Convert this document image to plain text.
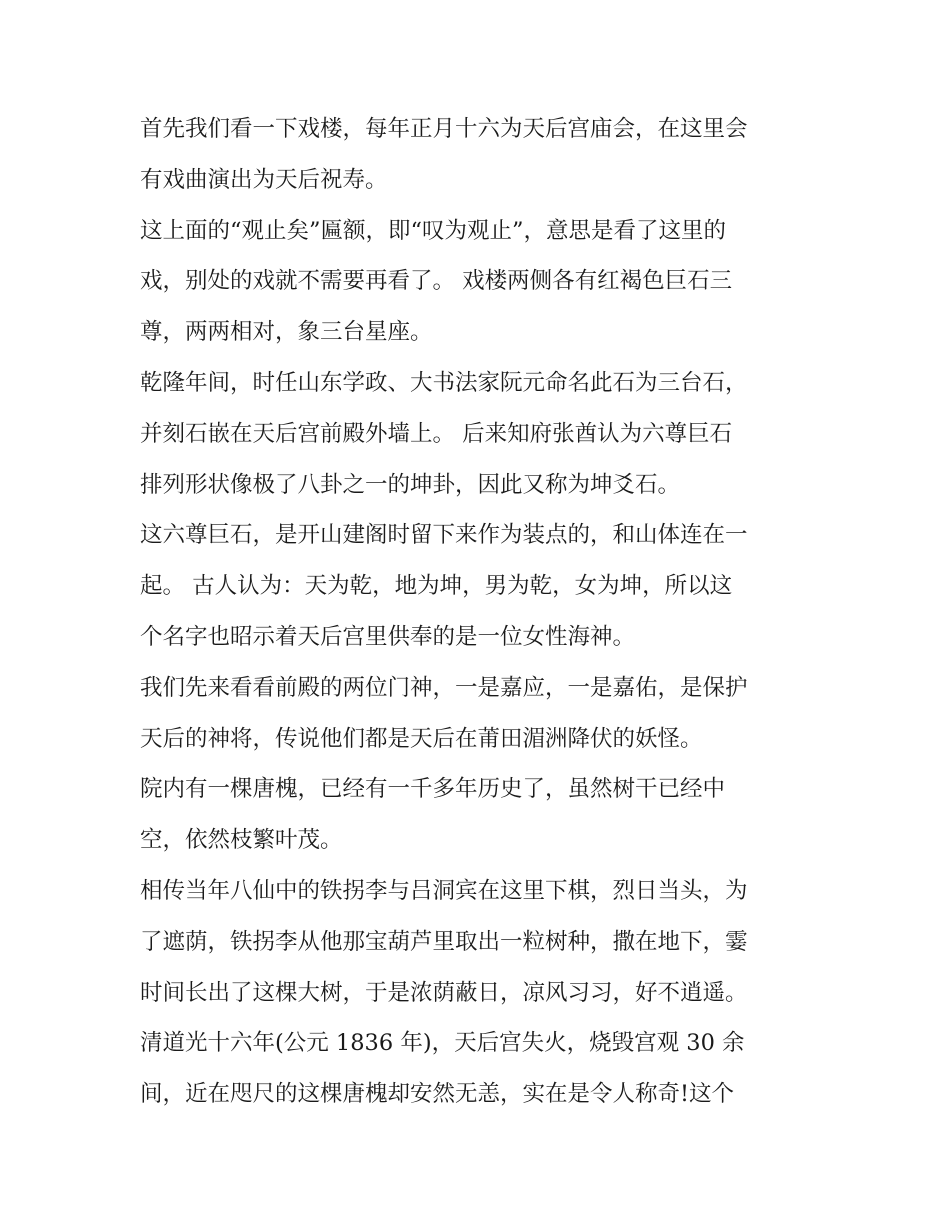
首先我们看一下戏楼，每年正月十六为天后宫庙会，在这里会
有戏曲演出为天后祝寿。
这上面的“观止矣”匾额，即“叹为观止”，意思是看了这里的
戏，别处的戏就不需要再看了。 戏楼两侧各有红褐色巨石三
尊，两两相对，象三台星座。
乾隆年间，时任山东学政、大书法家阮元命名此石为三台石，
并刻石嵌在天后宫前殿外墙上。 后来知府张酋认为六尊巨石
排列形状像极了八卦之一的坤卦，因此又称为坤爻石。
这六尊巨石，是开山建阁时留下来作为装点的，和山体连在一
起。 古人认为：天为乾，地为坤，男为乾，女为坤，所以这
个名字也昭示着天后宫里供奉的是一位女性海神。
我们先来看看前殿的两位门神，一是嘉应，一是嘉佑，是保护
天后的神将，传说他们都是天后在莆田湄洲降伏的妖怪。
院内有一棵唐槐，已经有一千多年历史了，虽然树干已经中
空，依然枝繁叶茂。
相传当年八仙中的铁拐李与吕洞宾在这里下棋，烈日当头，为
了遮荫，铁拐李从他那宝葫芦里取出一粒树种，撒在地下，霎
时间长出了这棵大树，于是浓荫蔽日，凉风习习，好不逍遥。
清道光十六年(公元 1836 年)，天后宫失火，烧毁宫观 30 余
间，近在咫尺的这棵唐槐却安然无恙，实在是令人称奇!这个
